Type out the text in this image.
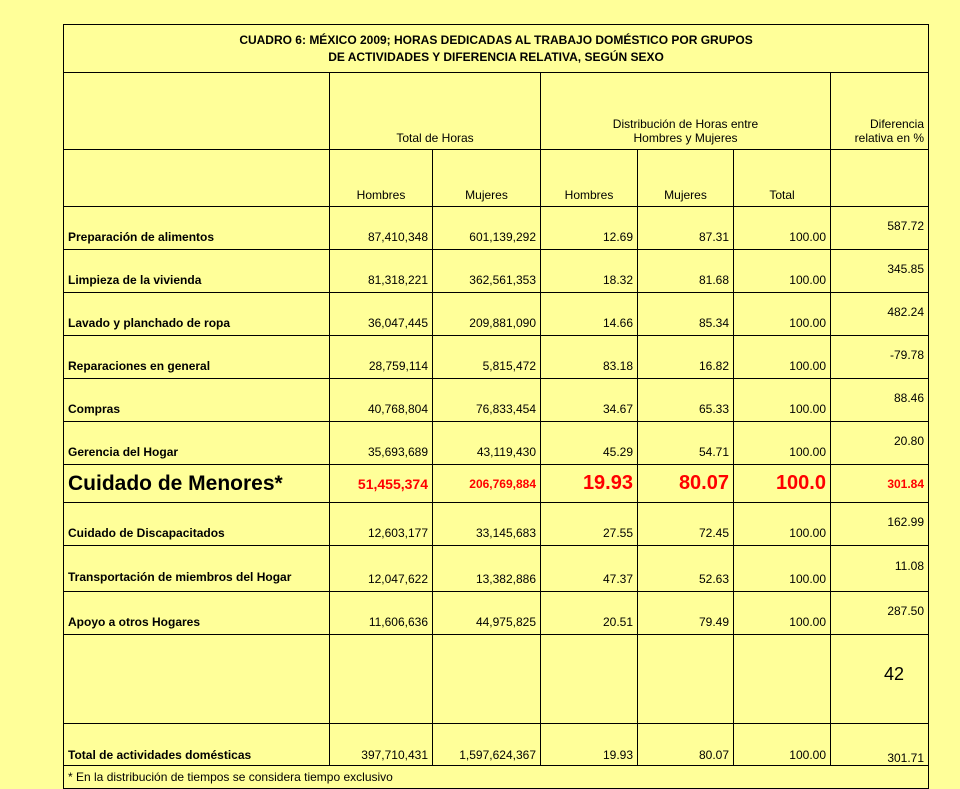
CUADRO 6: MÉXICO 2009; HORAS DEDICADAS AL TRABAJO DOMÉSTICO POR GRUPOS
DE ACTIVIDADES Y DIFERENCIA RELATIVA, SEGÚN SEXO						
	Total de Horas		Distribución de Horas entre
Hombres y Mujeres			Diferencia
relativa en %
	Hombres	Mujeres	Hombres	Mujeres	Total	
Preparación de alimentos	87,410,348	601,139,292	12.69	87.31	100.00	587.72
Limpieza de la vivienda	81,318,221	362,561,353	18.32	81.68	100.00	345.85
Lavado y planchado de ropa	36,047,445	209,881,090	14.66	85.34	100.00	482.24
Reparaciones en general	28,759,114	5,815,472	83.18	16.82	100.00	-79.78
Compras	40,768,804	76,833,454	34.67	65.33	100.00	88.46
Gerencia del Hogar	35,693,689	43,119,430	45.29	54.71	100.00	20.80
Cuidado de Menores*	51,455,374	206,769,884	19.93	80.07	100.0	301.84
Cuidado de Discapacitados	12,603,177	33,145,683	27.55	72.45	100.00	162.99
Transportación de miembros del Hogar	12,047,622	13,382,886	47.37	52.63	100.00	11.08
Apoyo a otros Hogares	11,606,636	44,975,825	20.51	79.49	100.00	287.50

Total de actividades domésticas	397,710,431	1,597,624,367	19.93	80.07	100.00	301.71
* En la distribución de tiempos se considera tiempo exclusivo						
42
